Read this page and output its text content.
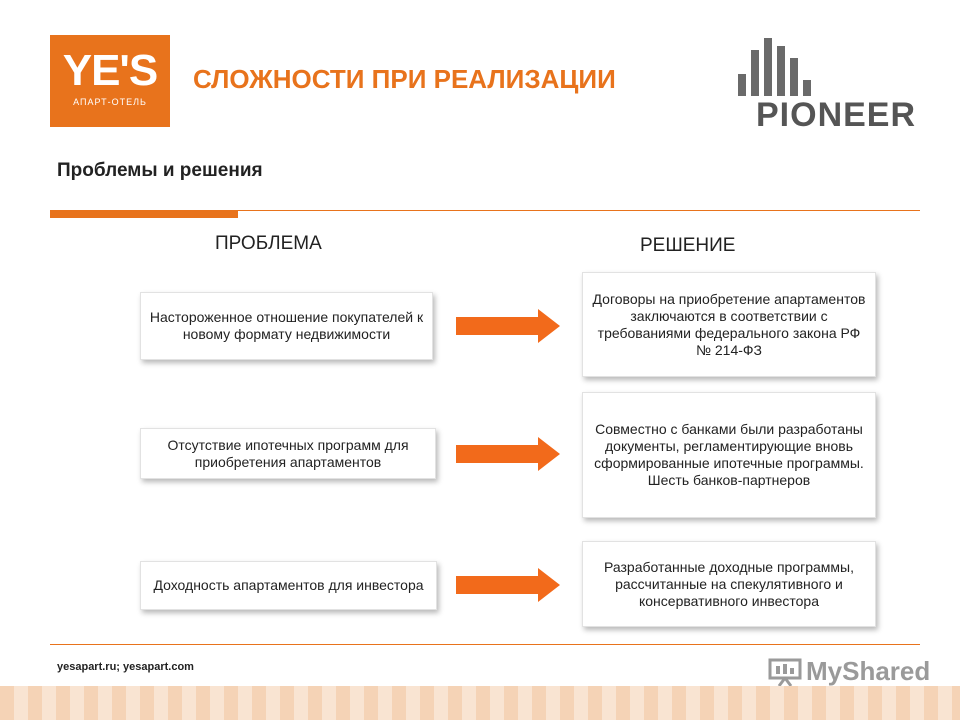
YE'S
АПАРТ-ОТЕЛЬ
СЛОЖНОСТИ ПРИ РЕАЛИЗАЦИИ
PIONEER
Проблемы и решения
ПРОБЛЕМА	РЕШЕНИЕ
Настороженное отношение покупателей к новому формату недвижимости
Договоры на приобретение апартаментов заключаются в соответствии с требованиями федерального закона РФ
№ 214-ФЗ
Отсутствие ипотечных программ для приобретения апартаментов
Совместно с банками были разработаны документы, регламентирующие вновь сформированные ипотечные программы.
Шесть банков-партнеров
Доходность апартаментов для инвестора
Разработанные доходные программы, рассчитанные на спекулятивного и консервативного инвестора
yesapart.ru; yesapart.com	MyShared
